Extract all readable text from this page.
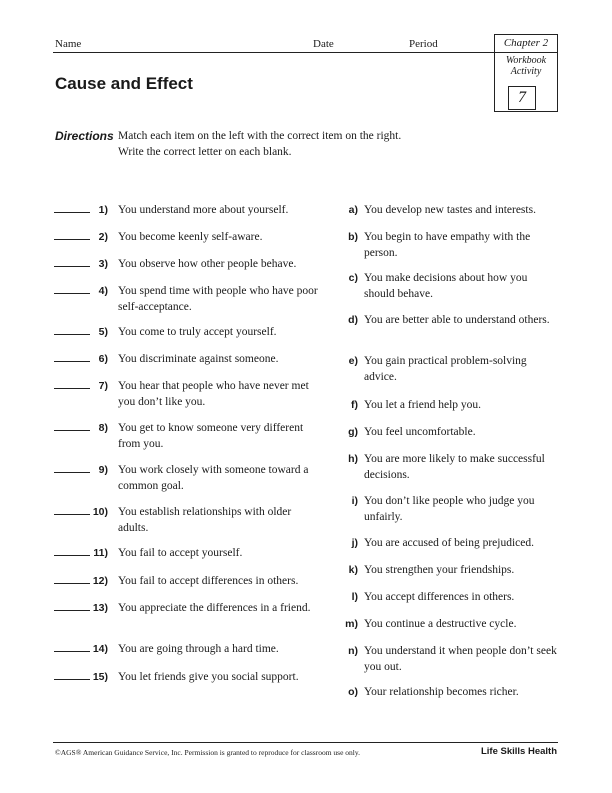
Name	Date	Period	Chapter 2
Workbook
Activity
7
Cause and Effect
Directions Match each item on the left with the correct item on the right. Write the correct letter on each blank.
1) You understand more about yourself.
2) You become keenly self-aware.
3) You observe how other people behave.
4) You spend time with people who have poor self-acceptance.
5) You come to truly accept yourself.
6) You discriminate against someone.
7) You hear that people who have never met you don’t like you.
8) You get to know someone very different from you.
9) You work closely with someone toward a common goal.
10) You establish relationships with older adults.
11) You fail to accept yourself.
12) You fail to accept differences in others.
13) You appreciate the differences in a friend.
14) You are going through a hard time.
15) You let friends give you social support.
a) You develop new tastes and interests.
b) You begin to have empathy with the person.
c) You make decisions about how you should behave.
d) You are better able to understand others.
e) You gain practical problem-solving advice.
f) You let a friend help you.
g) You feel uncomfortable.
h) You are more likely to make successful decisions.
i) You don’t like people who judge you unfairly.
j) You are accused of being prejudiced.
k) You strengthen your friendships.
l) You accept differences in others.
m) You continue a destructive cycle.
n) You understand it when people don’t seek you out.
o) Your relationship becomes richer.
©AGS® American Guidance Service, Inc. Permission is granted to reproduce for classroom use only.	Life Skills Health
